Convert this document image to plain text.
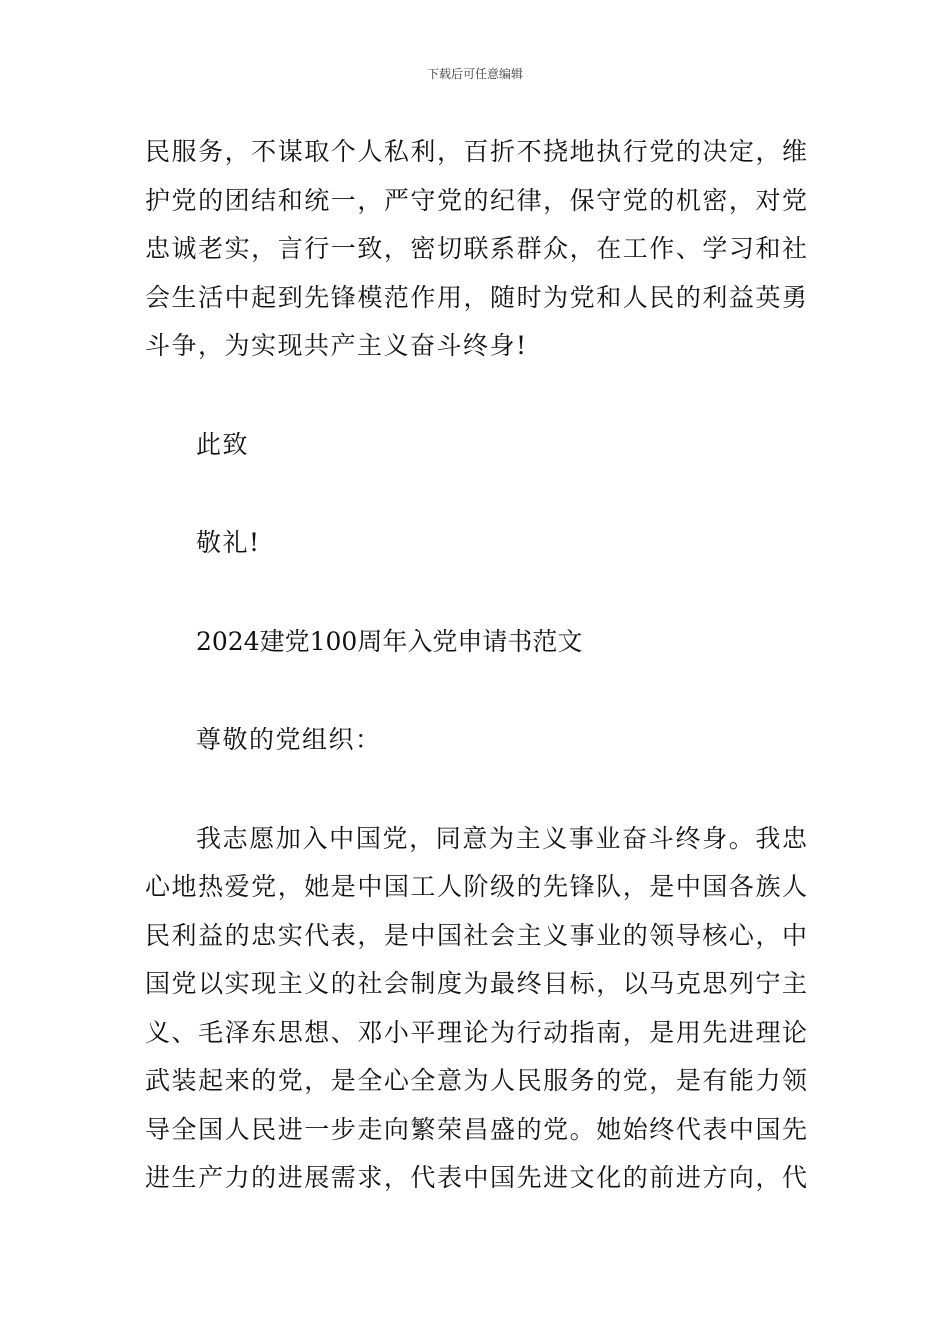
下载后可任意编辑
民服务，不谋取个人私利，百折不挠地执行党的决定，维
护党的团结和统一，严守党的纪律，保守党的机密，对党
忠诚老实，言行一致，密切联系群众，在工作、学习和社
会生活中起到先锋模范作用，随时为党和人民的利益英勇
斗争，为实现共产主义奋斗终身!
此致
敬礼!
2024建党100周年入党申请书范文
尊敬的党组织：
我志愿加入中国党，同意为主义事业奋斗终身。我忠
心地热爱党，她是中国工人阶级的先锋队，是中国各族人
民利益的忠实代表，是中国社会主义事业的领导核心，中
国党以实现主义的社会制度为最终目标，以马克思列宁主
义、毛泽东思想、邓小平理论为行动指南，是用先进理论
武装起来的党，是全心全意为人民服务的党，是有能力领
导全国人民进一步走向繁荣昌盛的党。她始终代表中国先
进生产力的进展需求，代表中国先进文化的前进方向，代
